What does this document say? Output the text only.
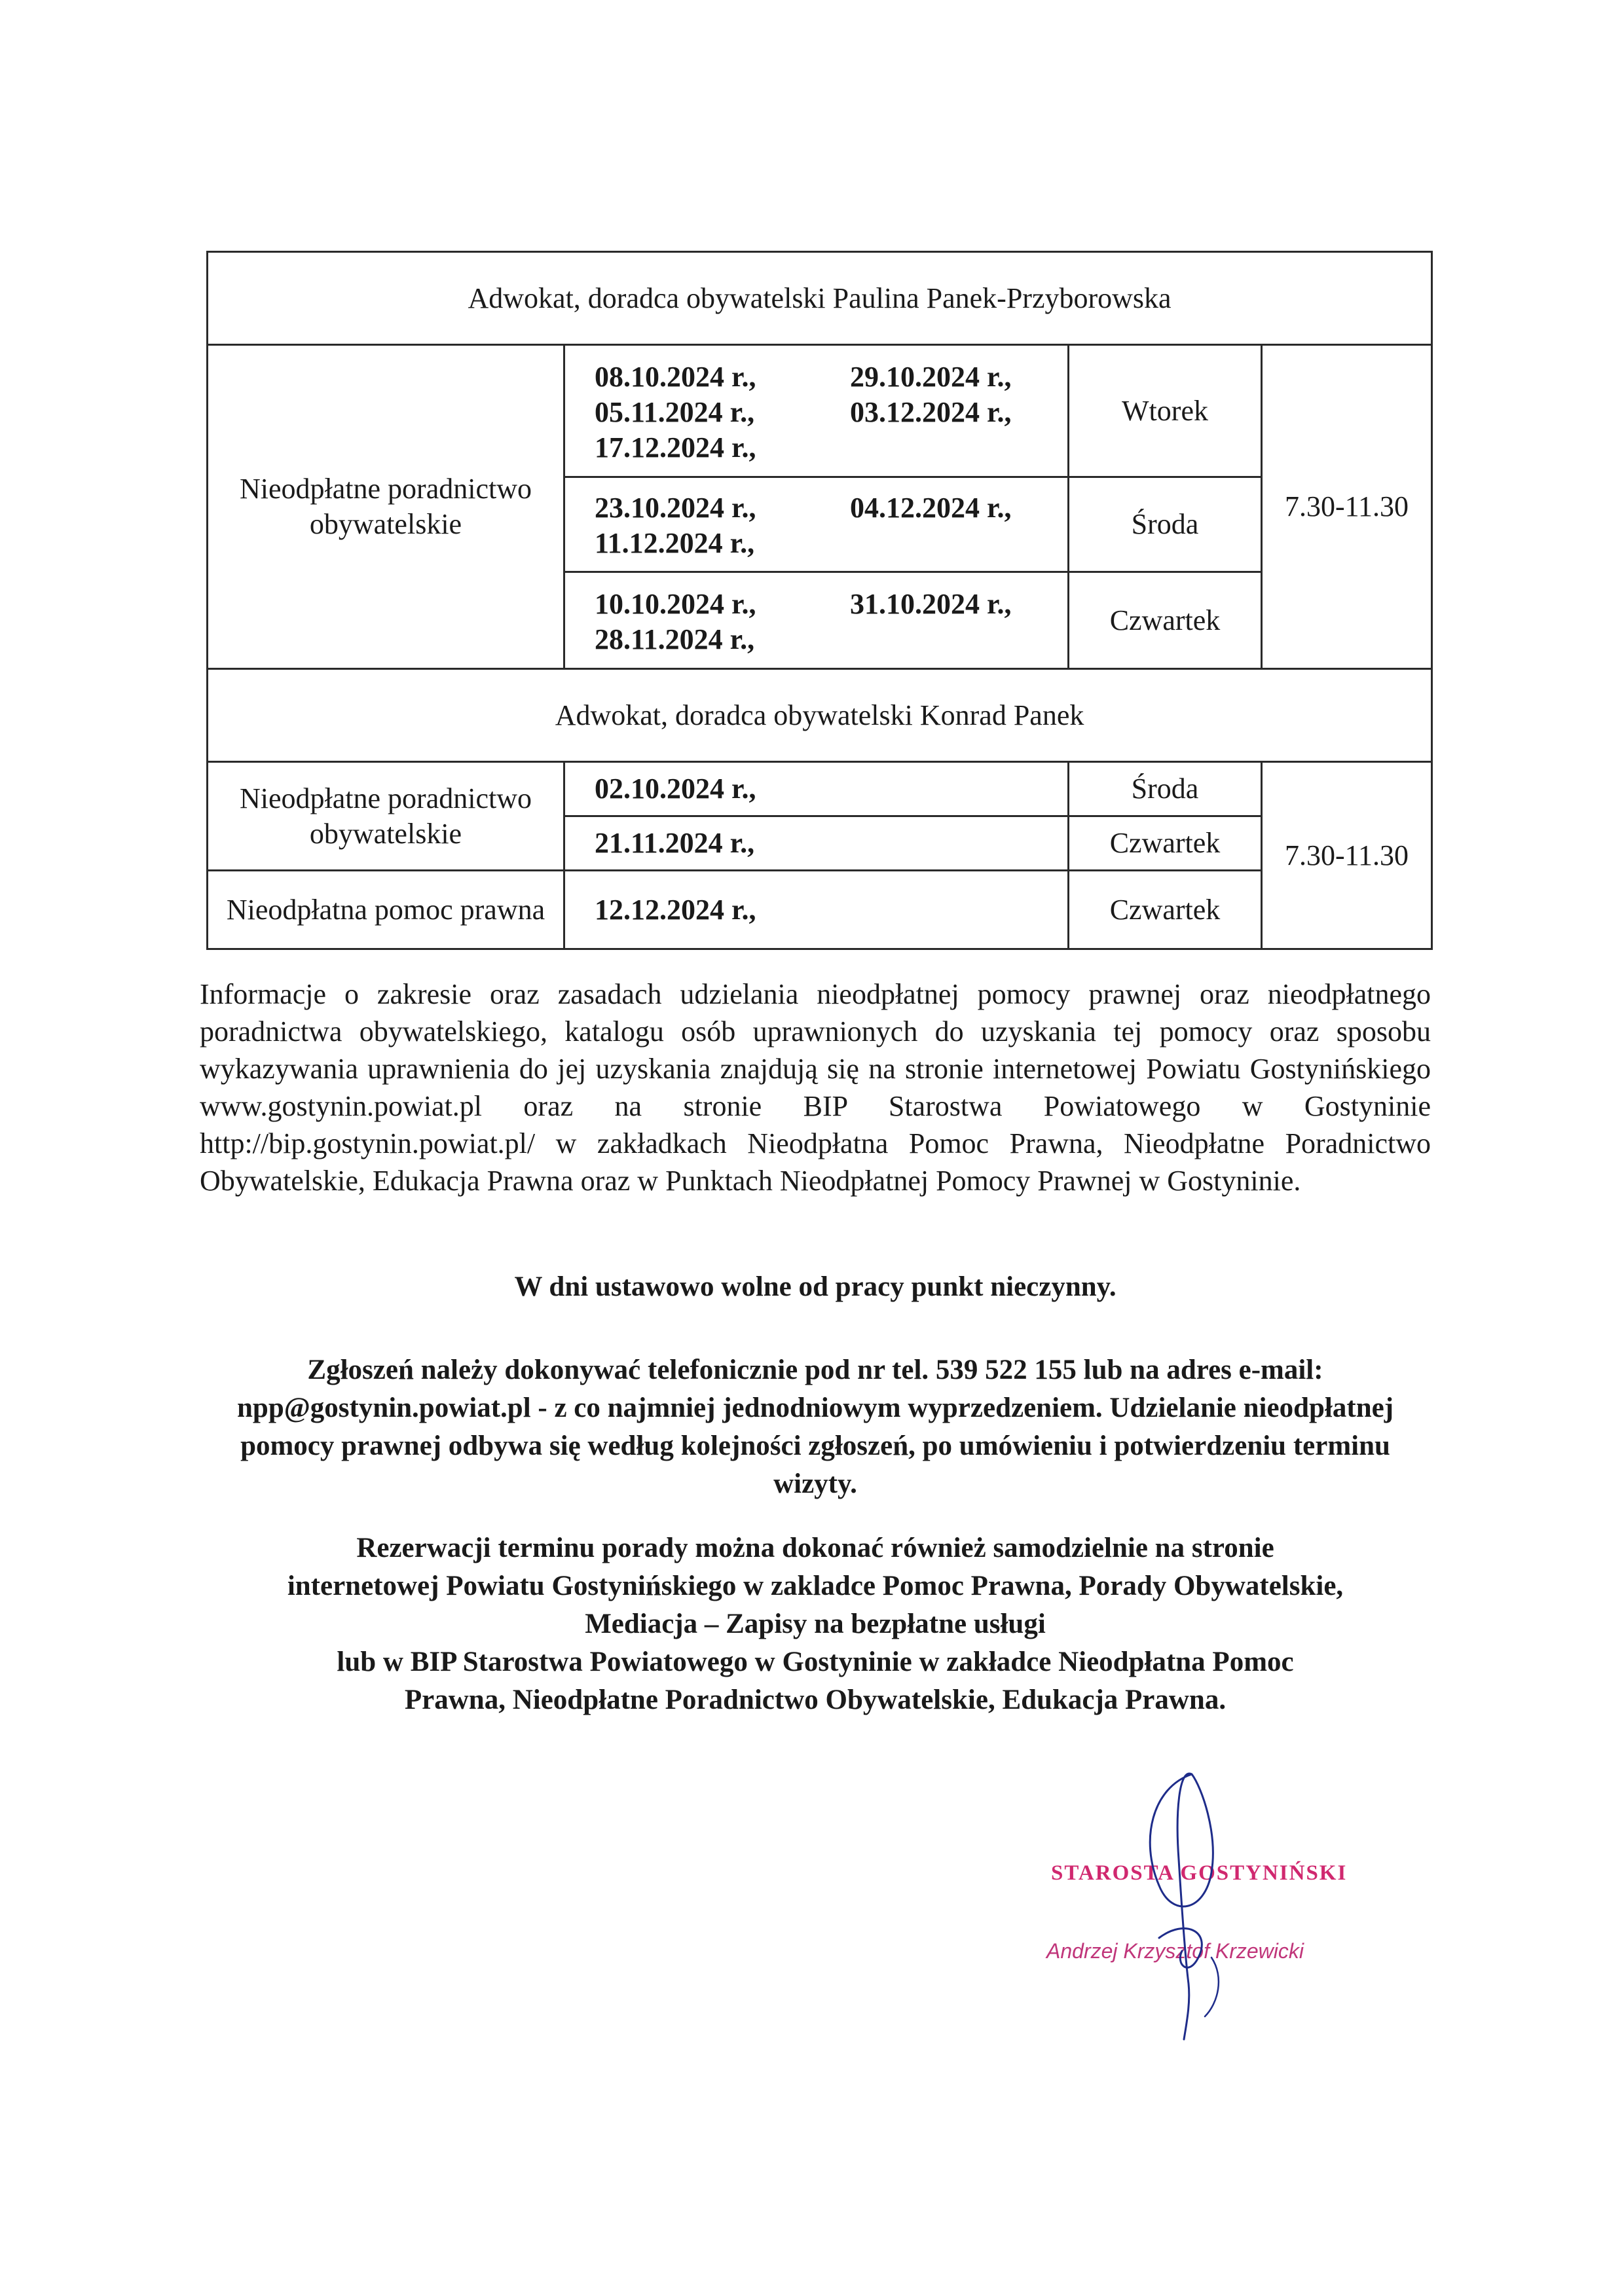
Adwokat, doradca obywatelski Paulina Panek-Przyborowska			
Nieodpłatne poradnictwo obywatelskie	08.10.2024 r., 29.10.2024 r.,
05.11.2024 r., 03.12.2024 r.,
17.12.2024 r.,	Wtorek	7.30-11.30

	23.10.2024 r., 04.12.2024 r.,
11.12.2024 r.,	Środa	

	10.10.2024 r., 31.10.2024 r.,
28.11.2024 r.,	Czwartek	
Adwokat, doradca obywatelski Konrad Panek			
Nieodpłatne poradnictwo obywatelskie	02.10.2024 r.,	Środa	7.30-11.30
	21.11.2024 r.,	Czwartek	
Nieodpłatna pomoc prawna	12.12.2024 r.,	Czwartek	

Informacje o zakresie oraz zasadach udzielania nieodpłatnej pomocy prawnej oraz nieodpłatnego poradnictwa obywatelskiego, katalogu osób uprawnionych do uzyskania tej pomocy oraz sposobu wykazywania uprawnienia do jej uzyskania znajdują się na stronie internetowej Powiatu Gostynińskiego www.gostynin.powiat.pl oraz na stronie BIP Starostwa Powiatowego w Gostyninie http://bip.gostynin.powiat.pl/ w zakładkach Nieodpłatna Pomoc Prawna, Nieodpłatne Poradnictwo Obywatelskie, Edukacja Prawna oraz w Punktach Nieodpłatnej Pomocy Prawnej w Gostyninie.

W dni ustawowo wolne od pracy punkt nieczynny.

Zgłoszeń należy dokonywać telefonicznie pod nr tel. 539 522 155 lub na adres e-mail: npp@gostynin.powiat.pl - z co najmniej jednodniowym wyprzedzeniem. Udzielanie nieodpłatnej pomocy prawnej odbywa się według kolejności zgłoszeń, po umówieniu i potwierdzeniu terminu wizyty.

Rezerwacji terminu porady można dokonać również samodzielnie na stronie
internetowej Powiatu Gostynińskiego w zakladce Pomoc Prawna, Porady Obywatelskie,
Mediacja – Zapisy na bezpłatne usługi
lub w BIP Starostwa Powiatowego w Gostyninie w zakładce Nieodpłatna Pomoc
Prawna, Nieodpłatne Poradnictwo Obywatelskie, Edukacja Prawna.
STAROSTA GOSTYNIŃSKI
Andrzej Krzysztof Krzewicki
